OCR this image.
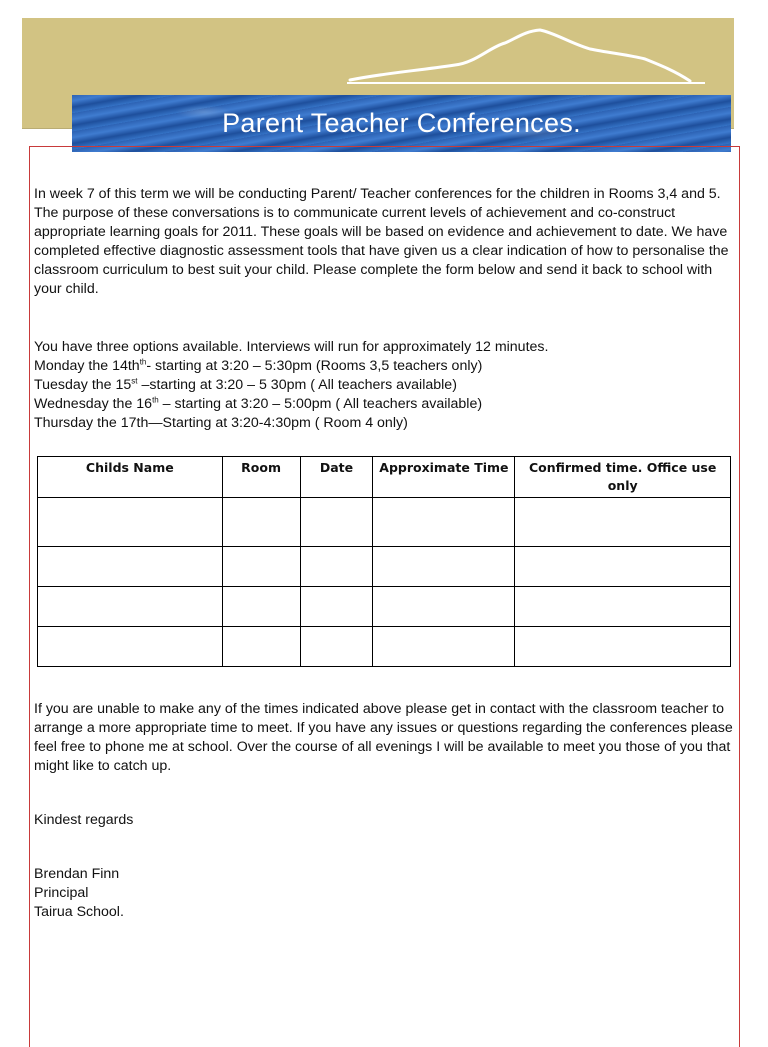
Parent Teacher Conferences.

In week 7 of this term we will be conducting Parent/ Teacher conferences for the children in Rooms 3,4 and 5. The purpose of these conversations is to communicate current levels of achievement and co-construct appropriate learning goals for 2011. These goals will be based on evidence and achievement to date. We have completed effective diagnostic assessment tools that have given us a clear indication of how to personalise the classroom curriculum to best suit your child. Please complete the form below and send it back to school with your child.

You have three options available. Interviews will run for approximately 12 minutes.
Monday the $14th^{th}-$ starting at 3:20 – 5:30pm (Rooms 3,5 teachers only)
Tuesday the 15st –starting at 3:20 – 5 30pm ( All teachers available)
Wednesday the 16th – starting at 3:20 – 5:00pm ( All teachers available)
Thursday the 17th—Starting at 3:20-4:30pm ( Room 4 only)
Childs Name	Room	Date	Approximate Time	Confirmed time. Office use only

If you are unable to make any of the times indicated above please get in contact with the classroom teacher to arrange a more appropriate time to meet. If you have any issues or questions regarding the conferences please feel free to phone me at school. Over the course of all evenings I will be available to meet you those of you that might like to catch up.

Kindest regards

Brendan Finn
Principal
Tairua School.
